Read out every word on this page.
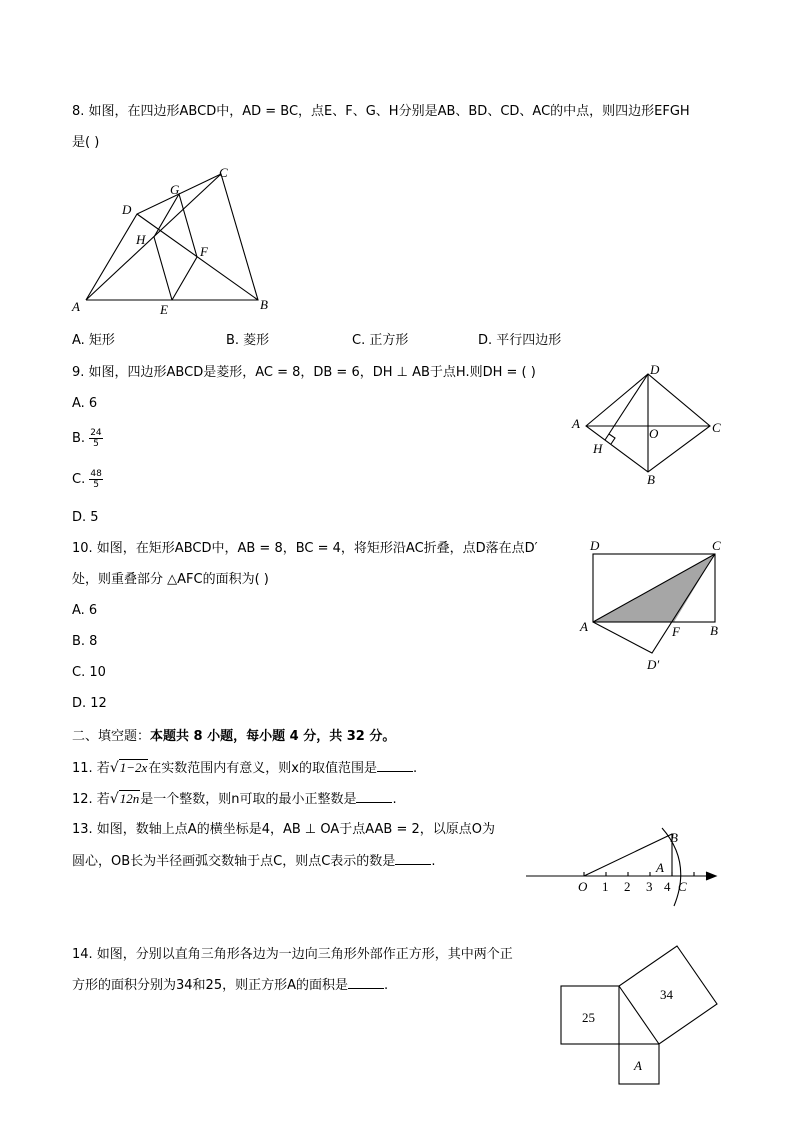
8. 如图，在四边形ABCD中，AD = BC，点E、F、G、H分别是AB、BD、CD、AC的中点，则四边形EFGH
是( )
A	B
C
D
E
F
G
H
A. 矩形	B. 菱形	C. 正方形	D. 平行四边形
9. 如图，四边形ABCD是菱形，AC = 8，DB = 6，DH ⊥ AB于点H.则DH = ( )
A. 6
B. $\frac{24}{5}$
C. $\frac{48}{5}$
D. 5
A
B
C
D
O
H
10. 如图，在矩形ABCD中，AB = 8，BC = 4，将矩形沿AC折叠，点D落在点D′
处，则重叠部分 △AFC的面积为( )
A. 6
B. 8
C. 10
D. 12
D	C
A	B
F
D′
二、填空题：本题共 8 小题，每小题 4 分，共 32 分。
11. 若√1−2x在实数范围内有意义，则x的取值范围是	.
12. 若√12n是一个整数，则n可取的最小正整数是	.
13. 如图，数轴上点A的横坐标是4，AB ⊥ OA于点AAB = 2，以原点O为
圆心，OB长为半径画弧交数轴于点C，则点C表示的数是	.
O
A
B
C
1 2 3 4
14. 如图，分别以直角三角形各边为一边向三角形外部作正方形，其中两个正
方形的面积分别为34和25，则正方形A的面积是	.
25
34
A
